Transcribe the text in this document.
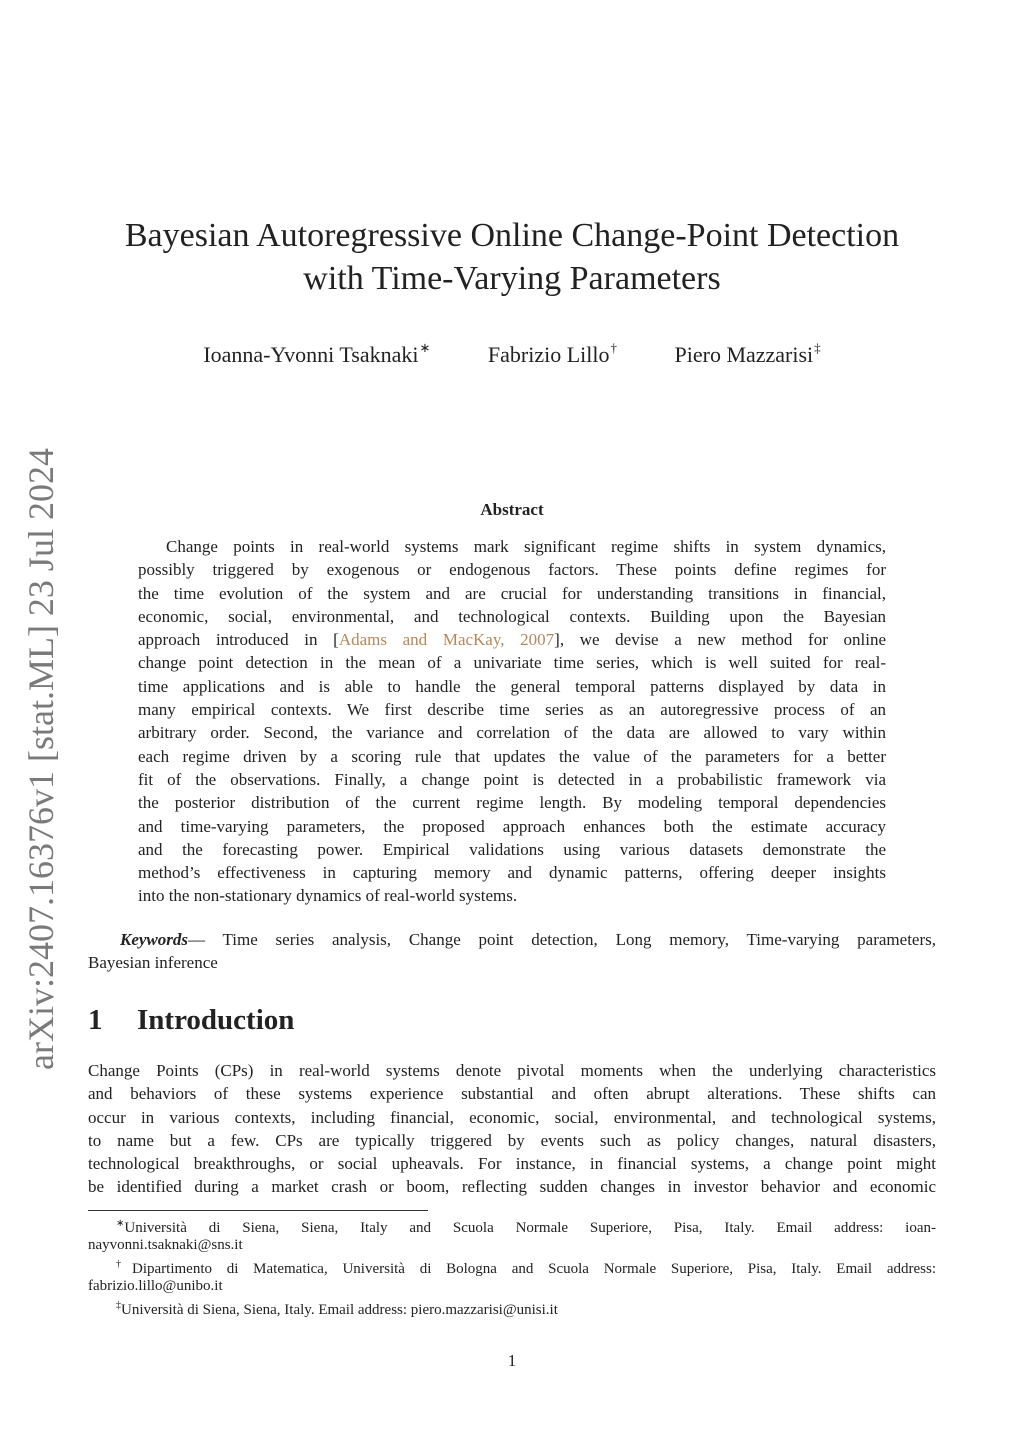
arXiv:2407.16376v1 [stat.ML] 23 Jul 2024
Bayesian Autoregressive Online Change-Point Detection
with Time-Varying Parameters
Ioanna-Yvonni Tsaknaki∗	Fabrizio Lillo†	Piero Mazzarisi‡
Abstract
Change points in real-world systems mark significant regime shifts in system dynamics,
possibly triggered by exogenous or endogenous factors. These points define regimes for
the time evolution of the system and are crucial for understanding transitions in financial,
economic, social, environmental, and technological contexts. Building upon the Bayesian
approach introduced in [Adams and MacKay, 2007], we devise a new method for online
change point detection in the mean of a univariate time series, which is well suited for real-
time applications and is able to handle the general temporal patterns displayed by data in
many empirical contexts. We first describe time series as an autoregressive process of an
arbitrary order. Second, the variance and correlation of the data are allowed to vary within
each regime driven by a scoring rule that updates the value of the parameters for a better
fit of the observations. Finally, a change point is detected in a probabilistic framework via
the posterior distribution of the current regime length. By modeling temporal dependencies
and time-varying parameters, the proposed approach enhances both the estimate accuracy
and the forecasting power. Empirical validations using various datasets demonstrate the
method’s effectiveness in capturing memory and dynamic patterns, offering deeper insights
into the non-stationary dynamics of real-world systems.
Keywords— Time series analysis, Change point detection, Long memory, Time-varying parameters,
Bayesian inference
1 Introduction
Change Points (CPs) in real-world systems denote pivotal moments when the underlying characteristics
and behaviors of these systems experience substantial and often abrupt alterations. These shifts can
occur in various contexts, including financial, economic, social, environmental, and technological systems,
to name but a few. CPs are typically triggered by events such as policy changes, natural disasters,
technological breakthroughs, or social upheavals. For instance, in financial systems, a change point might
be identified during a market crash or boom, reflecting sudden changes in investor behavior and economic
∗Università di Siena, Siena, Italy and Scuola Normale Superiore, Pisa, Italy. Email address: ioan-
nayvonni.tsaknaki@sns.it
†Dipartimento di Matematica, Università di Bologna and Scuola Normale Superiore, Pisa, Italy. Email address:
fabrizio.lillo@unibo.it
‡Università di Siena, Siena, Italy. Email address: piero.mazzarisi@unisi.it
1
